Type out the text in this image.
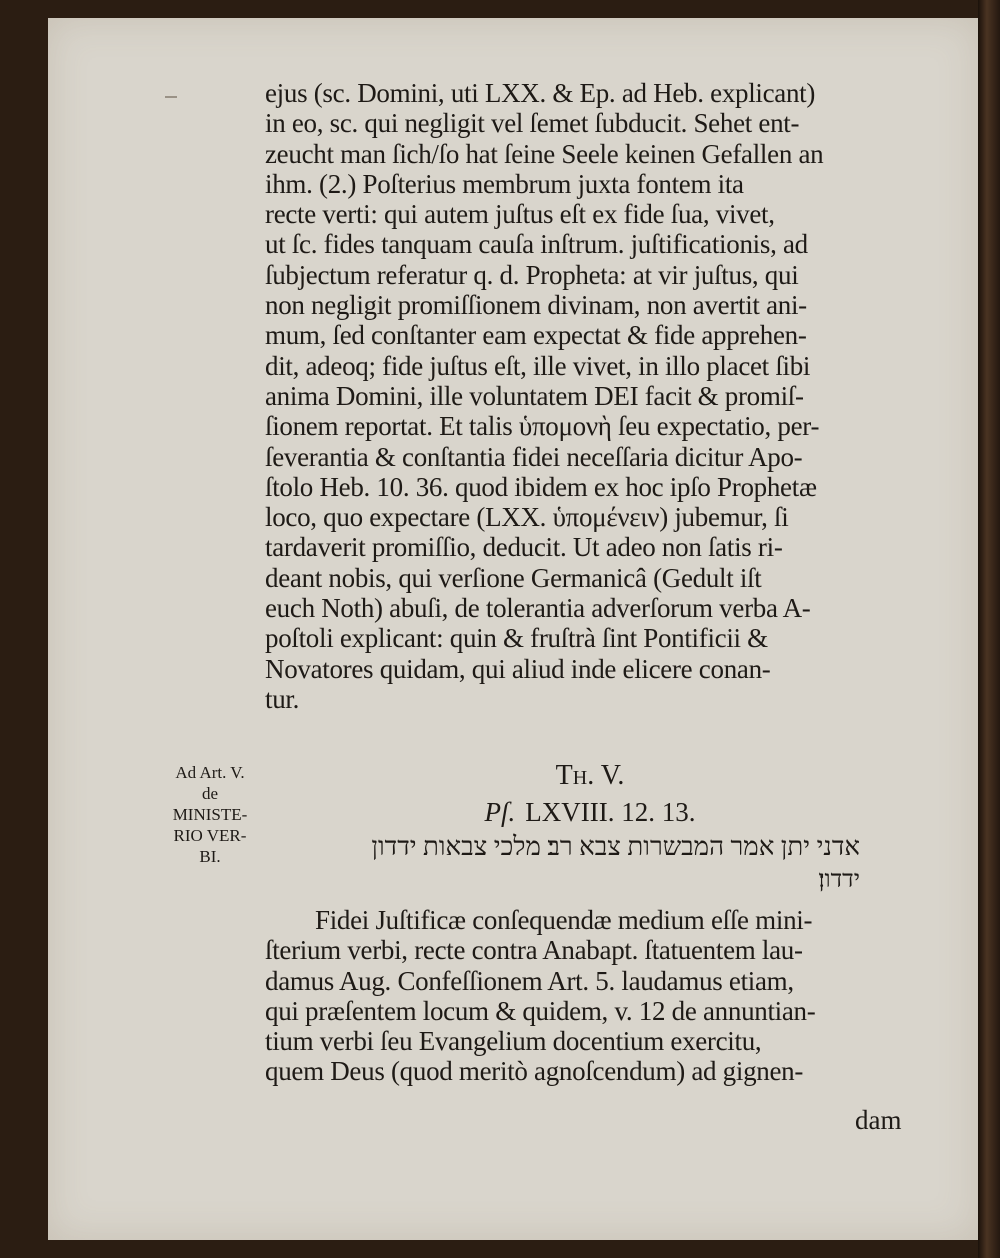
ejus (sc. Domini, uti LXX. & Ep. ad Heb. explicant)
in eo, sc. qui negligit vel ſemet ſubducit. Sehet ent-
zeucht man ſich/ſo hat ſeine Seele keinen Gefallen an
ihm. (2.) Poſterius membrum juxta fontem ita
recte verti: qui autem juſtus eſt ex fide ſua, vivet,
ut ſc. fides tanquam cauſa inſtrum. juſtificationis, ad
ſubjectum referatur q. d. Propheta: at vir juſtus, qui
non negligit promiſſionem divinam, non avertit ani-
mum, ſed conſtanter eam expectat & fide apprehen-
dit, adeoq; fide juſtus eſt, ille vivet, in illo placet ſibi
anima Domini, ille voluntatem DEI facit & promiſ-
ſionem reportat. Et talis ὑπομονὴ ſeu expectatio, per-
ſeverantia & conſtantia fidei neceſſaria dicitur Apo-
ſtolo Heb. 10. 36. quod ibidem ex hoc ipſo Prophetæ
loco, quo expectare (LXX. ὑπομένειν) jubemur, ſi
tardaverit promiſſio, deducit. Ut adeo non ſatis ri-
deant nobis, qui verſione Germanicâ (Gedult iſt
euch Noth) abuſi, de tolerantia adverſorum verba A-
poſtoli explicant: quin & fruſtrà ſint Pontificii &
Novatores quidam, qui aliud inde elicere conan-
tur.
Ad Art. V.
de
MINISTE-
RIO VER-
BI.
Th. V.
Pſ. LXVIII. 12. 13.
אדני יתן אמר המבשרות צבא רב׃ מלכי צבאות ידדון
ידדון׃
Fidei Juſtificæ conſequendæ medium eſſe mini-
ſterium verbi, recte contra Anabapt. ſtatuentem lau-
damus Aug. Confeſſionem Art. 5. laudamus etiam,
qui præſentem locum & quidem, v. 12 de annuntian-
tium verbi ſeu Evangelium docentium exercitu,
quem Deus (quod meritò agnoſcendum) ad gignen-
dam
